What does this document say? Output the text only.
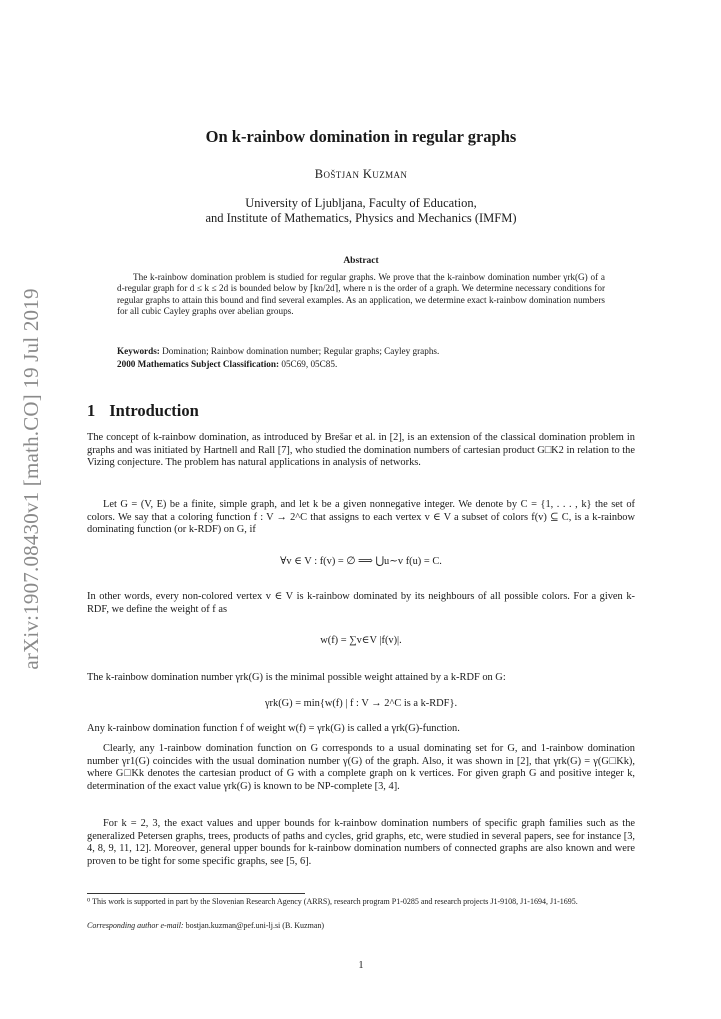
arXiv:1907.08430v1 [math.CO] 19 Jul 2019
On k-rainbow domination in regular graphs
Boštjan Kuzman
University of Ljubljana, Faculty of Education,
and Institute of Mathematics, Physics and Mechanics (IMFM)
Abstract

The k-rainbow domination problem is studied for regular graphs. We prove that the k-rainbow domination number γrk(G) of a d-regular graph for d ≤ k ≤ 2d is bounded below by ⌈kn/2d⌉, where n is the order of a graph. We determine necessary conditions for regular graphs to attain this bound and find several examples. As an application, we determine exact k-rainbow domination numbers for all cubic Cayley graphs over abelian groups.

Keywords: Domination; Rainbow domination number; Regular graphs; Cayley graphs.

2000 Mathematics Subject Classification: 05C69, 05C85.

1 Introduction

The concept of k-rainbow domination, as introduced by Brešar et al. in [2], is an extension of the classical domination problem in graphs and was initiated by Hartnell and Rall [7], who studied the domination numbers of cartesian product G□K2 in relation to the Vizing conjecture. The problem has natural applications in analysis of networks.

Let G = (V, E) be a finite, simple graph, and let k be a given nonnegative integer. We denote by C = {1, . . . , k} the set of colors. We say that a coloring function f : V → 2^C that assigns to each vertex v ∈ V a subset of colors f(v) ⊆ C, is a k-rainbow dominating function (or k-RDF) on G, if

∀v ∈ V : f(v) = ∅ ⟹ ⋃u∼v f(u) = C.

In other words, every non-colored vertex v ∈ V is k-rainbow dominated by its neighbours of all possible colors. For a given k-RDF, we define the weight of f as

w(f) = ∑v∈V |f(v)|.

The k-rainbow domination number γrk(G) is the minimal possible weight attained by a k-RDF on G:

γrk(G) = min{w(f) | f : V → 2^C is a k-RDF}.

Any k-rainbow domination function f of weight w(f) = γrk(G) is called a γrk(G)-function.

Clearly, any 1-rainbow domination function on G corresponds to a usual dominating set for G, and 1-rainbow domination number γr1(G) coincides with the usual domination number γ(G) of the graph. Also, it was shown in [2], that γrk(G) = γ(G□Kk), where G□Kk denotes the cartesian product of G with a complete graph on k vertices. For given graph G and positive integer k, determination of the exact value γrk(G) is known to be NP-complete [3, 4].

For k = 2, 3, the exact values and upper bounds for k-rainbow domination numbers of specific graph families such as the generalized Petersen graphs, trees, products of paths and cycles, grid graphs, etc, were studied in several papers, see for instance [3, 4, 8, 9, 11, 12]. Moreover, general upper bounds for k-rainbow domination numbers of connected graphs are also known and were proven to be tight for some specific graphs, see [5, 6].

⁰ This work is supported in part by the Slovenian Research Agency (ARRS), research program P1-0285 and research projects J1-9108, J1-1694, J1-1695.

Corresponding author e-mail: bostjan.kuzman@pef.uni-lj.si (B. Kuzman)

1
